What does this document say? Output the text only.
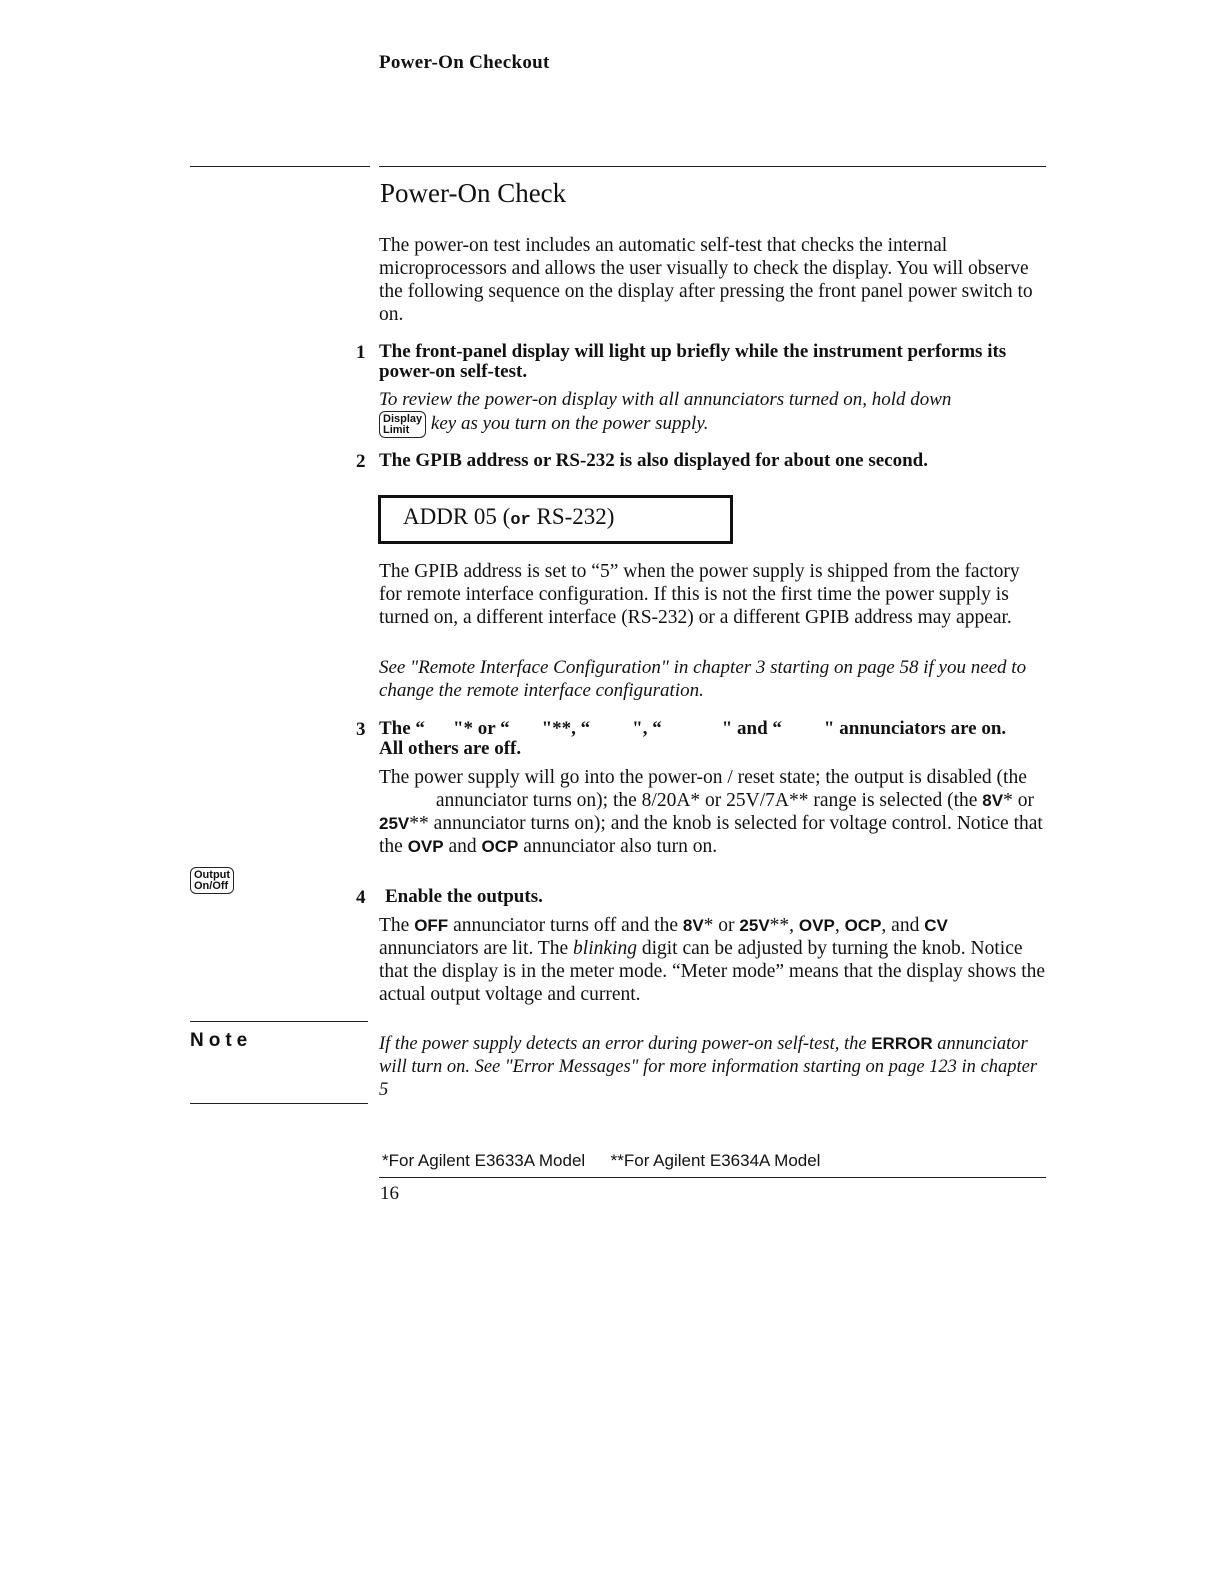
Power-On Checkout
Power-On Check

The power-on test includes an automatic self-test that checks the internal microprocessors and allows the user visually to check the display. You will observe the following sequence on the display after pressing the front panel power switch to on.

1 The front-panel display will light up briefly while the instrument performs its power-on self-test.
To review the power-on display with all annunciators turned on, hold down
Display
Limit key as you turn on the power supply.
2 The GPIB address or RS-232 is also displayed for about one second.
ADDR 05 (or RS-232)

The GPIB address is set to “5” when the power supply is shipped from the factory for remote interface configuration. If this is not the first time the power supply is turned on, a different interface (RS-232) or a different GPIB address may appear.

See "Remote Interface Configuration" in chapter 3 starting on page 58 if you need to change the remote interface configuration.
3 The “ "* or “ "**, “ ", “	" and “ " annunciators are on.
All others are off.
The power supply will go into the power-on / reset state; the output is disabled (the annunciator turns on); the 8/20A* or 25V/7A** range is selected (the 8V* or 25V** annunciator turns on); and the knob is selected for voltage control. Notice that the OVP and OCP annunciator also turn on.
Output
On/Off
4 Enable the outputs.
The OFF annunciator turns off and the 8V* or 25V**, OVP, OCP, and CV annunciators are lit. The blinking digit can be adjusted by turning the knob. Notice that the display is in the meter mode. “Meter mode” means that the display shows the actual output voltage and current.
Note	If the power supply detects an error during power-on self-test, the ERROR annunciator will turn on. See "Error Messages" for more information starting on page 123 in chapter 5
*For Agilent E3633A Model **For Agilent E3634A Model
16
